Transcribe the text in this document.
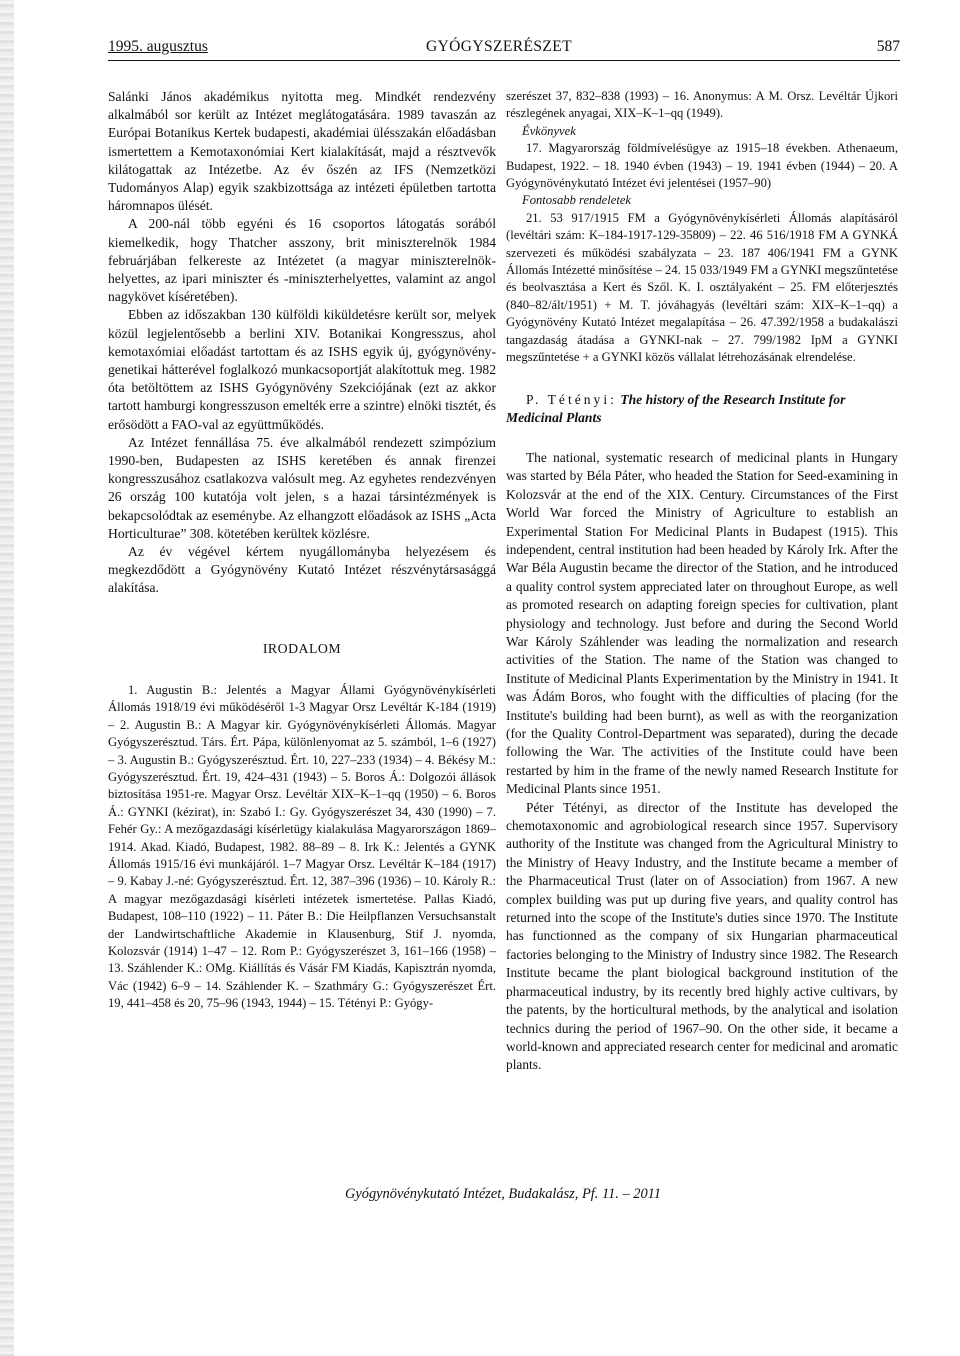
1995. augusztus	GYÓGYSZERÉSZET	587

Salánki János akadémikus nyitotta meg. Mindkét rendezvény alkalmából sor került az Intézet meglátogatására. 1989 tavaszán az Európai Botanikus Kertek budapesti, akadémiai ülésszakán előadásban ismertettem a Kemotaxonómiai Kert kialakítását, majd a résztvevők kilátogattak az Intézetbe. Az év őszén az IFS (Nemzetközi Tudományos Alap) egyik szakbizottsága az intézeti épületben tartotta háromnapos ülését.

A 200-nál több egyéni és 16 csoportos látogatás sorából kiemelkedik, hogy Thatcher asszony, brit miniszterelnök 1984 februárjában felkereste az Intézetet (a magyar miniszterelnök-helyettes, az ipari miniszter és -miniszterhelyettes, valamint az angol nagykövet kíséretében).

Ebben az időszakban 130 külföldi kiküldetésre került sor, melyek közül legjelentősebb a berlini XIV. Botanikai Kongresszus, ahol kemotaxómiai előadást tartottam és az ISHS egyik új, gyógynövény-genetikai hátterével foglalkozó munkacsoportját alakítottuk meg. 1982 óta betöltöttem az ISHS Gyógynövény Szekciójának (ezt az akkor tartott hamburgi kongresszuson emelték erre a szintre) elnöki tisztét, és erősödött a FAO-val az együttműködés.

Az Intézet fennállása 75. éve alkalmából rendezett szimpózium 1990-ben, Budapesten az ISHS keretében és annak firenzei kongresszusához csatlakozva valósult meg. Az egyhetes rendezvényen 26 ország 100 kutatója volt jelen, s a hazai társintézmények is bekapcsolódtak az eseménybe. Az elhangzott előadások az ISHS „Acta Horticulturae” 308. kötetében kerültek közlésre.

Az év végével kértem nyugállományba helyezésem és megkezdődött a Gyógynövény Kutató Intézet részvénytársasággá alakítása.

IRODALOM

1. Augustin B.: Jelentés a Magyar Állami Gyógynövénykísérleti Állomás 1918/19 évi működéséről 1-3 Magyar Orsz Levéltár K-184 (1919) – 2. Augustin B.: A Magyar kir. Gyógynövénykísérleti Állomás. Magyar Gyógyszerésztud. Társ. Ért. Pápa, különlenyomat az 5. számból, 1–6 (1927) – 3. Augustin B.: Gyógyszerésztud. Ért. 10, 227–233 (1934) – 4. Békésy M.: Gyógyszerésztud. Ért. 19, 424–431 (1943) – 5. Boros Á.: Dolgozói állások biztosítása 1951-re. Magyar Orsz. Levéltár XIX–K–1–qq (1950) – 6. Boros Á.: GYNKI (kézirat), in: Szabó I.: Gy. Gyógyszerészet 34, 430 (1990) – 7. Fehér Gy.: A mezőgazdasági kísérletügy kialakulása Magyarországon 1869–1914. Akad. Kiadó, Budapest, 1982. 88–89 – 8. Irk K.: Jelentés a GYNK Állomás 1915/16 évi munkájáról. 1–7 Magyar Orsz. Levéltár K–184 (1917) – 9. Kabay J.-né: Gyógyszerésztud. Ért. 12, 387–396 (1936) – 10. Károly R.: A magyar mezőgazdasági kísérleti intézetek ismertetése. Pallas Kiadó, Budapest, 108–110 (1922) – 11. Páter B.: Die Heilpflanzen Versuchsanstalt der Landwirtschaftliche Akademie in Klausenburg, Stif J. nyomda, Kolozsvár (1914) 1–47 – 12. Rom P.: Gyógyszerészet 3, 161–166 (1958) – 13. Száhlender K.: OMg. Kiállítás és Vásár FM Kiadás, Kapisztrán nyomda, Vác (1942) 6–9 – 14. Száhlender K. – Szathmáry G.: Gyógyszerészet Ért. 19, 441–458 és 20, 75–96 (1943, 1944) – 15. Tétényi P.: Gyógy-

szerészet 37, 832–838 (1993) – 16. Anonymus: A M. Orsz. Levéltár Újkori részlegének anyagai, XIX–K–1–qq (1949).

Évkönyvek

17. Magyarország földmívelésügye az 1915–18 években. Athenaeum, Budapest, 1922. – 18. 1940 évben (1943) – 19. 1941 évben (1944) – 20. A Gyógynövénykutató Intézet évi jelentései (1957–90)

Fontosabb rendeletek

21. 53 917/1915 FM a Gyógynövénykísérleti Állomás alapításáról (levéltári szám: K–184-1917-129-35809) – 22. 46 516/1918 FM A GYNKÁ szervezeti és működési szabályzata – 23. 187 406/1941 FM a GYNK Állomás Intézetté minősítése – 24. 15 033/1949 FM a GYNKI megszűntetése és beolvasztása a Kert és Szől. K. I. osztályaként – 25. FM előterjesztés (840–82/ált/1951) + M. T. jóváhagyás (levéltári szám: XIX–K–1–qq) a Gyógynövény Kutató Intézet megalapítása – 26. 47.392/1958 a budakalászi tangazdaság átadása a GYNKI-nak – 27. 799/1982 IpM a GYNKI megszűntetése + a GYNKI közös vállalat létrehozásának elrendelése.

P. Tétényi: The history of the Research Institute for Medicinal Plants

The national, systematic research of medicinal plants in Hungary was started by Béla Páter, who headed the Station for Seed-examining in Kolozsvár at the end of the XIX. Century. Circumstances of the First World War forced the Ministry of Agriculture to establish an Experimental Station For Medicinal Plants in Budapest (1915). This independent, central institution had been headed by Károly Irk. After the War Béla Augustin became the director of the Station, and he introduced a quality control system appreciated later on throughout Europe, as well as promoted research on adapting foreign species for cultivation, plant physiology and technology. Just before and during the Second World War Károly Száhlender was leading the normalization and research activities of the Station. The name of the Station was changed to Institute of Medicinal Plants Experimentation by the Ministry in 1941. It was Ádám Boros, who fought with the difficulties of placing (for the Institute's building had been burnt), as well as with the reorganization (for the Quality Control-Department was separated), during the decade following the War. The activities of the Institute could have been restarted by him in the frame of the newly named Research Institute for Medicinal Plants since 1951.

Péter Tétényi, as director of the Institute has developed the chemotaxonomic and agrobiological research since 1957. Supervisory authority of the Institute was changed from the Agricultural Ministry to the Ministry of Heavy Industry, and the Institute became a member of the Pharmaceutical Trust (later on of Association) from 1967. A new complex building was put up during five years, and quality control has returned into the scope of the Institute's duties since 1970. The Institute has functionned as the company of six Hungarian pharmaceutical factories belonging to the Ministry of Industry since 1982. The Research Institute became the plant biological background institution of the pharmaceutical industry, by its recently bred highly active cultivars, by the patents, by the horticultural methods, by the analytical and isolation technics during the period of 1967–90. On the other side, it became a world-known and appreciated research center for medicinal and aromatic plants.

Gyógynövénykutató Intézet, Budakalász, Pf. 11. – 2011
